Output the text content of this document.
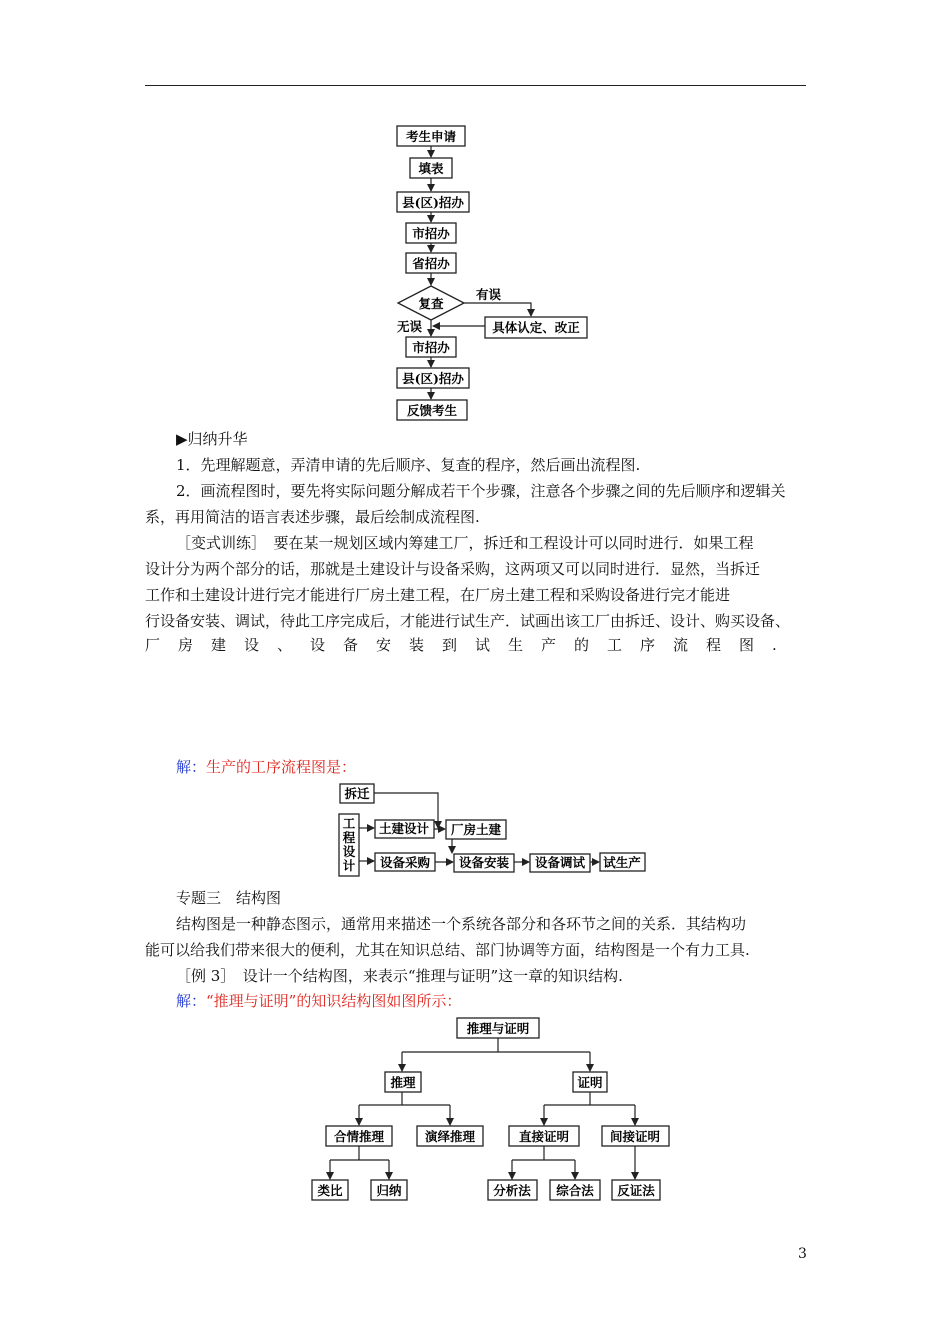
考生申请
填表
县(区)招办
市招办
省招办
复查
有误
具体认定、改正
无误
市招办
县(区)招办
反馈考生
▶归纳升华
1．先理解题意，弄清申请的先后顺序、复查的程序，然后画出流程图.
2．画流程图时，要先将实际问题分解成若干个步骤，注意各个步骤之间的先后顺序和逻辑关系，再用简洁的语言表述步骤，最后绘制成流程图.
［变式训练］　要在某一规划区域内筹建工厂，拆迁和工程设计可以同时进行．如果工程
设计分为两个部分的话，那就是土建设计与设备采购，这两项又可以同时进行．显然，当拆迁
工作和土建设计进行完才能进行厂房土建工程，在厂房土建工程和采购设备进行完才能进
行设备安装、调试，待此工序完成后，才能进行试生产．试画出该工厂由拆迁、设计、购买设备、
厂房建设、设备安装到试生产的工序流程图.
解：生产的工序流程图是：
拆迁
工
程
设
计
土建设计 厂房土建
设备采购 设备安装 设备调试 试生产
专题三　结构图
结构图是一种静态图示，通常用来描述一个系统各部分和各环节之间的关系．其结构功
能可以给我们带来很大的便利，尤其在知识总结、部门协调等方面，结构图是一个有力工具.
［例 3］　设计一个结构图，来表示“推理与证明”这一章的知识结构.
解：“推理与证明”的知识结构图如图所示：
推理与证明
推理	证明
合情推理	演绎推理	直接证明	间接证明
类比	归纳	分析法 综合法 反证法
3
